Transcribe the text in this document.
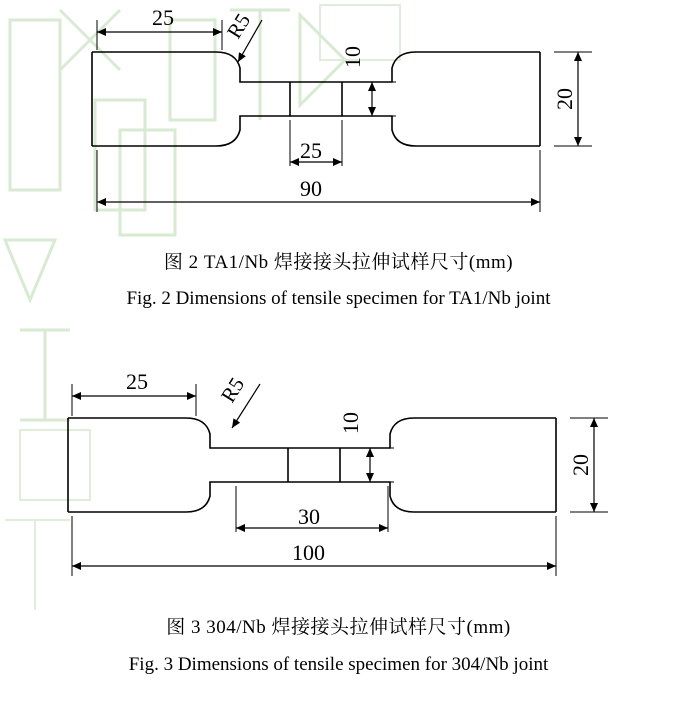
25
25
90
10
20
R5
图 2 TA1/Nb 焊接接头拉伸试样尺寸(mm)
Fig. 2 Dimensions of tensile specimen for TA1/Nb joint
25
30
100
10
20
R5
图 3 304/Nb 焊接接头拉伸试样尺寸(mm)
Fig. 3 Dimensions of tensile specimen for 304/Nb joint
